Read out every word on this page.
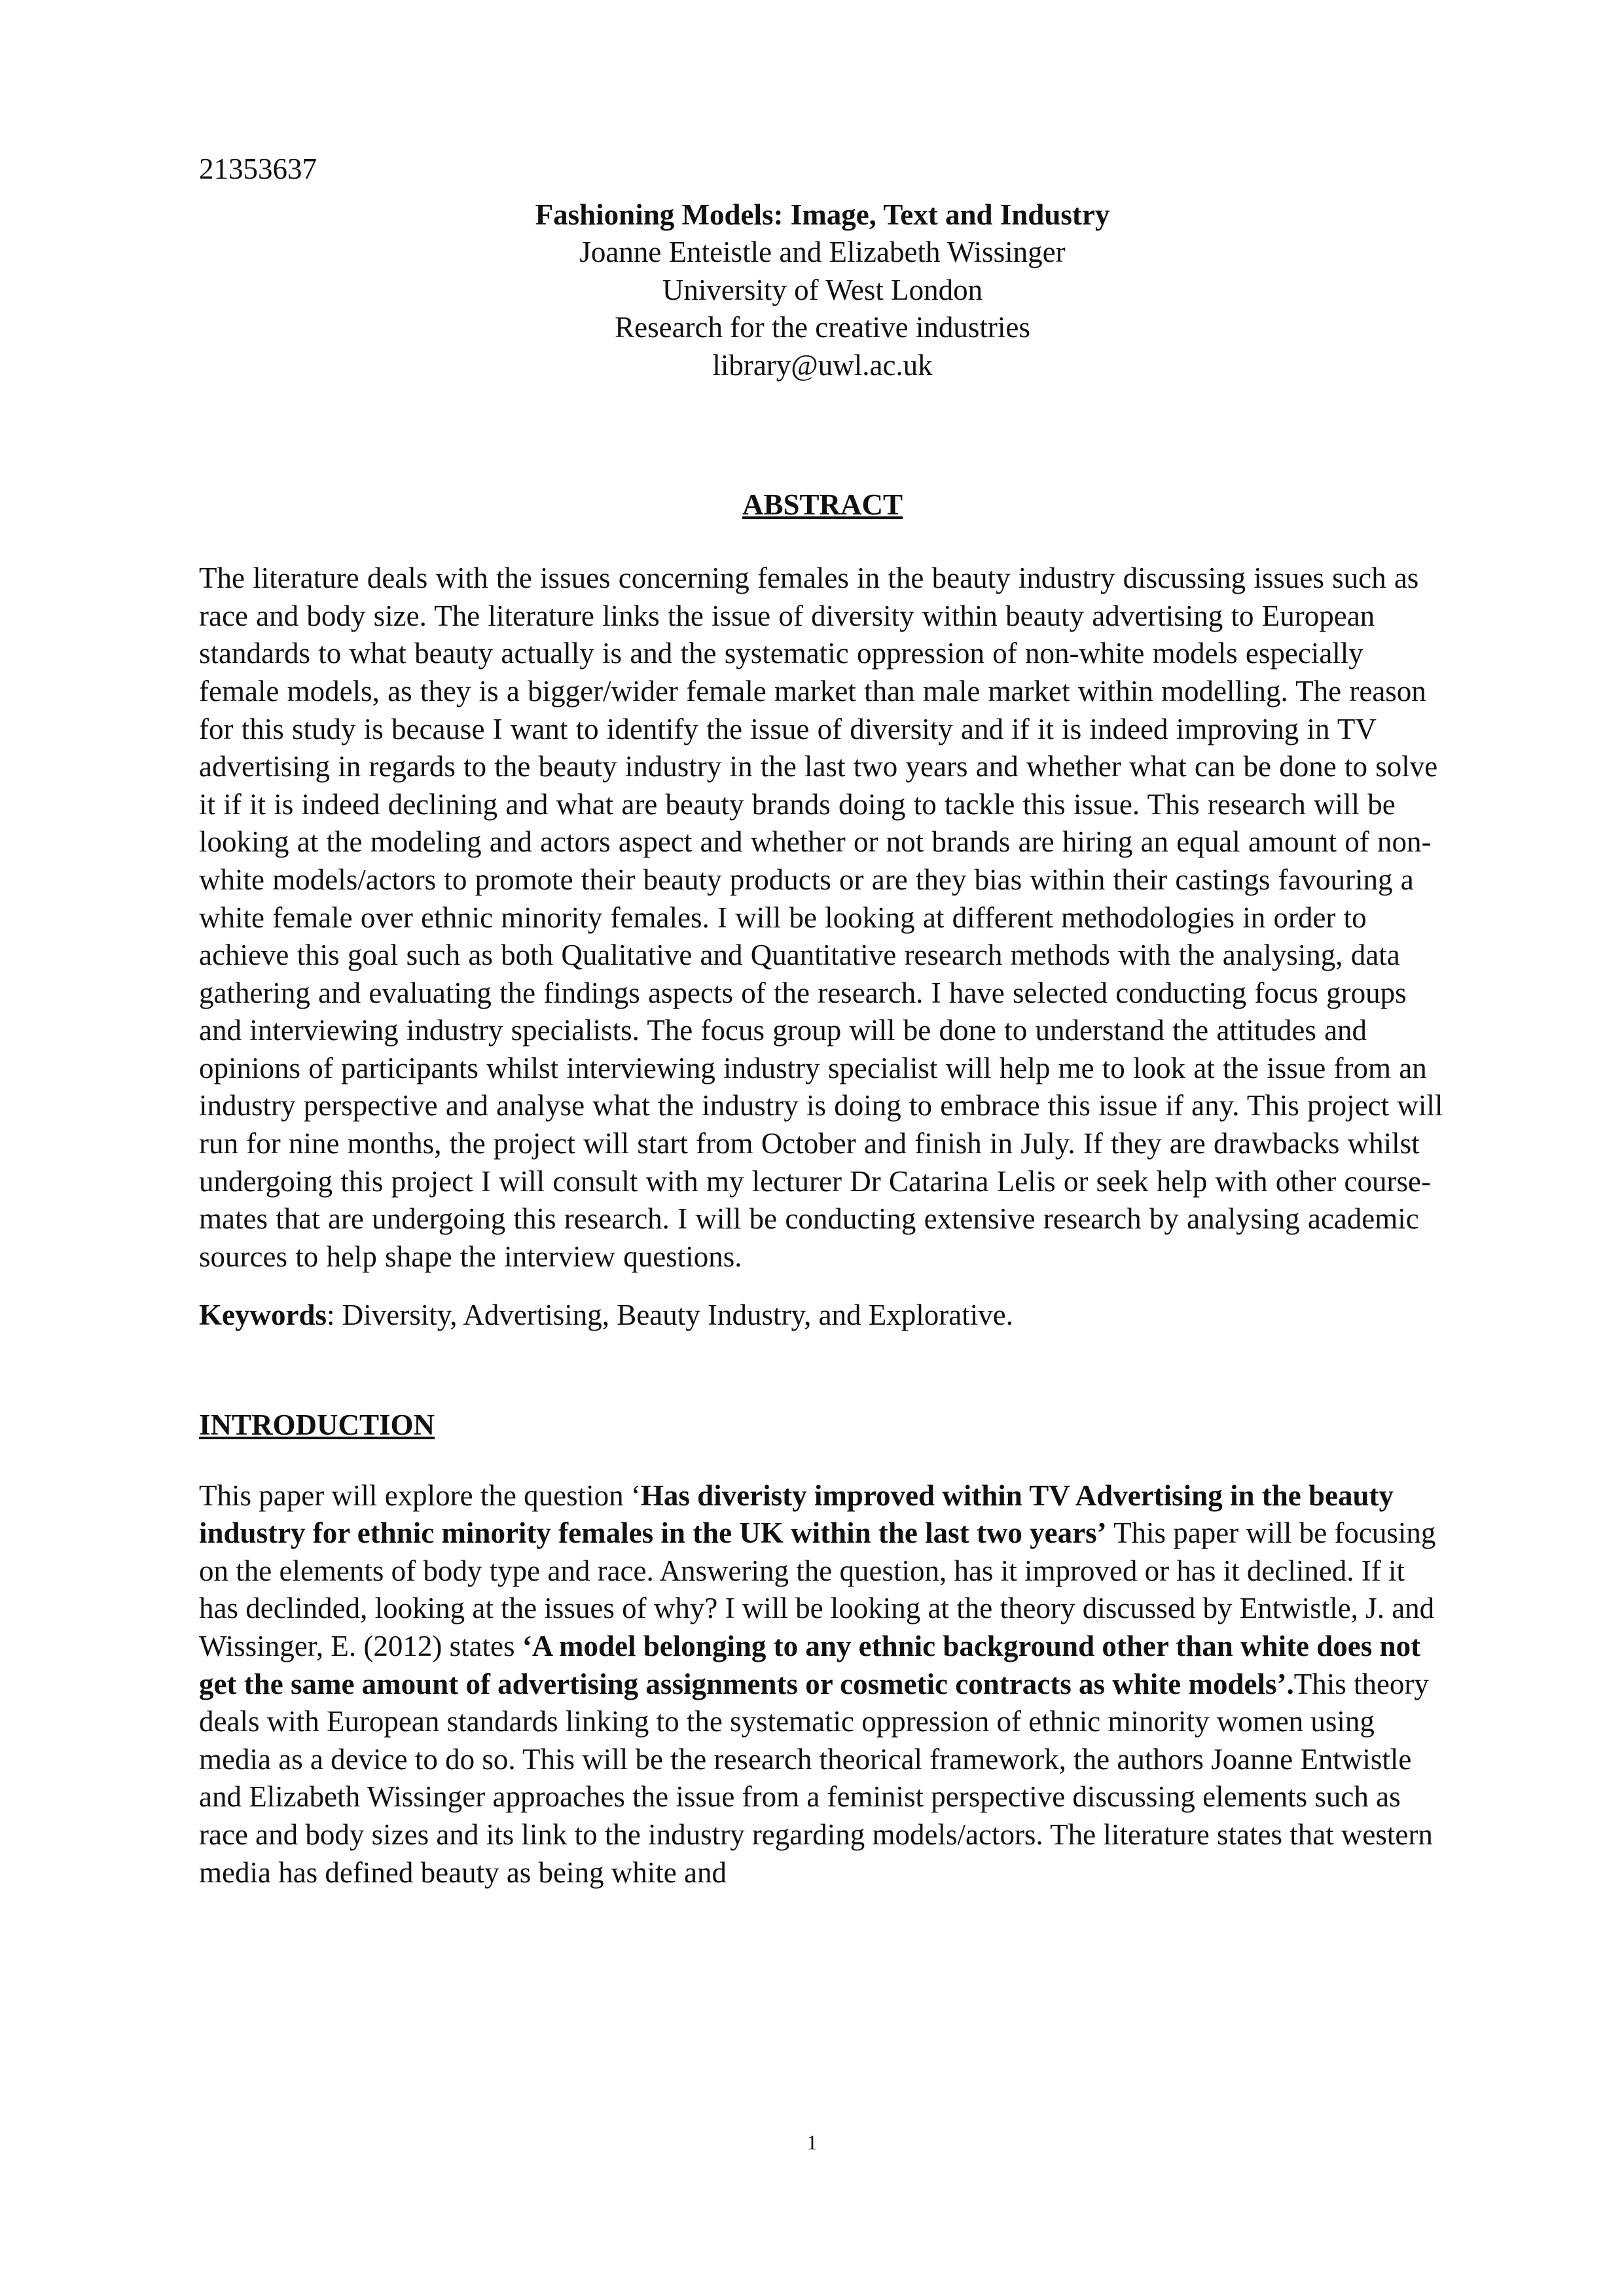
21353637
Fashioning Models: Image, Text and Industry
Joanne Enteistle and Elizabeth Wissinger
University of West London
Research for the creative industries
library@uwl.ac.uk
ABSTRACT

The literature deals with the issues concerning females in the beauty industry discussing issues such as race and body size. The literature links the issue of diversity within beauty advertising to European standards to what beauty actually is and the systematic oppression of non-white models especially female models, as they is a bigger/wider female market than male market within modelling. The reason for this study is because I want to identify the issue of diversity and if it is indeed improving in TV advertising in regards to the beauty industry in the last two years and whether what can be done to solve it if it is indeed declining and what are beauty brands doing to tackle this issue. This research will be looking at the modeling and actors aspect and whether or not brands are hiring an equal amount of non-white models/actors to promote their beauty products or are they bias within their castings favouring a white female over ethnic minority females. I will be looking at different methodologies in order to achieve this goal such as both Qualitative and Quantitative research methods with the analysing, data gathering and evaluating the findings aspects of the research. I have selected conducting focus groups and interviewing industry specialists. The focus group will be done to understand the attitudes and opinions of participants whilst interviewing industry specialist will help me to look at the issue from an industry perspective and analyse what the industry is doing to embrace this issue if any. This project will run for nine months, the project will start from October and finish in July. If they are drawbacks whilst undergoing this project I will consult with my lecturer Dr Catarina Lelis or seek help with other course-mates that are undergoing this research. I will be conducting extensive research by analysing academic sources to help shape the interview questions.

Keywords: Diversity, Advertising, Beauty Industry, and Explorative.
INTRODUCTION

This paper will explore the question ‘Has diveristy improved within TV Advertising in the beauty industry for ethnic minority females in the UK within the last two years’ This paper will be focusing on the elements of body type and race. Answering the question, has it improved or has it declined. If it has declinded, looking at the issues of why? I will be looking at the theory discussed by Entwistle, J. and Wissinger, E. (2012) states ‘A model belonging to any ethnic background other than white does not get the same amount of advertising assignments or cosmetic contracts as white models’.This theory deals with European standards linking to the systematic oppression of ethnic minority women using media as a device to do so. This will be the research theorical framework, the authors Joanne Entwistle and Elizabeth Wissinger approaches the issue from a feminist perspective discussing elements such as race and body sizes and its link to the industry regarding models/actors. The literature states that western media has defined beauty as being white and

1
